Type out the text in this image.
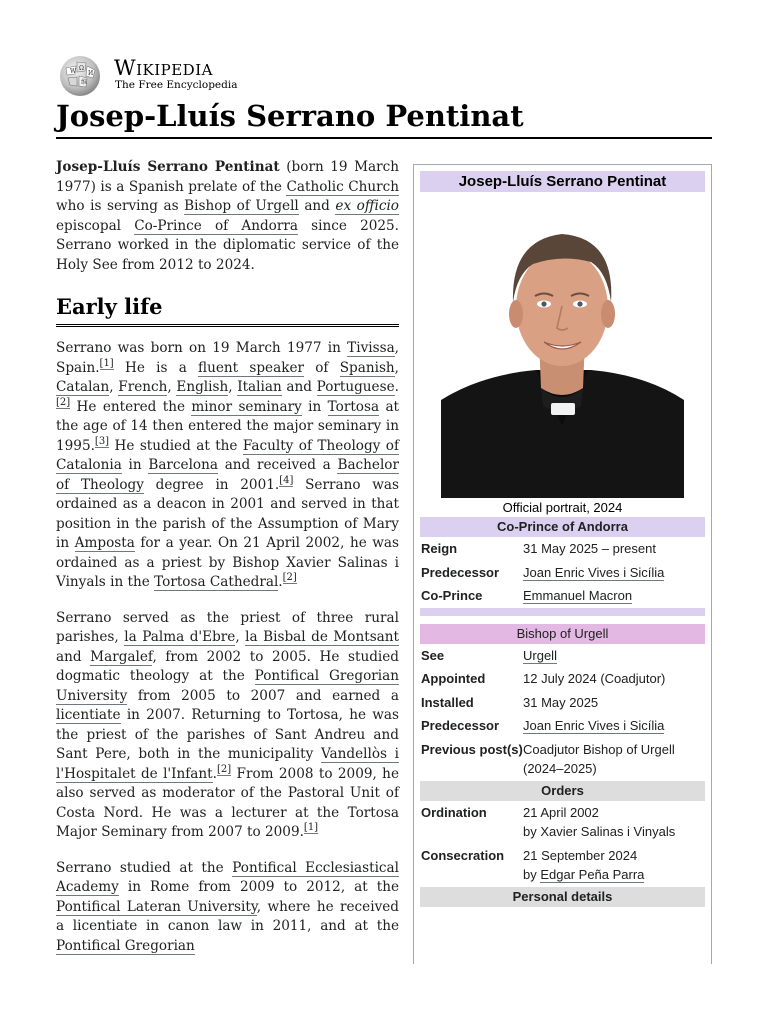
W Ω
И
维
Wikipedia
The Free Encyclopedia
Josep-Lluís Serrano Pentinat

Josep-Lluís Serrano Pentinat (born 19 March 1977) is a Spanish prelate of the Catholic Church who is serving as Bishop of Urgell and ex officio episcopal Co-Prince of Andorra since 2025. Serrano worked in the diplomatic service of the Holy See from 2012 to 2024.

Early life

Serrano was born on 19 March 1977 in Tivissa, Spain.[1] He is a fluent speaker of Spanish, Catalan, French, English, Italian and Portuguese.[2] He entered the minor seminary in Tortosa at the age of 14 then entered the major seminary in 1995.[3] He studied at the Faculty of Theology of Catalonia in Barcelona and received a Bachelor of Theology degree in 2001.[4] Serrano was ordained as a deacon in 2001 and served in that position in the parish of the Assumption of Mary in Amposta for a year. On 21 April 2002, he was ordained as a priest by Bishop Xavier Salinas i Vinyals in the Tortosa Cathedral.[2]

Serrano served as the priest of three rural parishes, la Palma d'Ebre, la Bisbal de Montsant and Margalef, from 2002 to 2005. He studied dogmatic theology at the Pontifical Gregorian University from 2005 to 2007 and earned a licentiate in 2007. Returning to Tortosa, he was the priest of the parishes of Sant Andreu and Sant Pere, both in the municipality Vandellòs i l'Hospitalet de l'Infant.[2] From 2008 to 2009, he also served as moderator of the Pastoral Unit of Costa Nord. He was a lecturer at the Tortosa Major Seminary from 2007 to 2009.[1]

Serrano studied at the Pontifical Ecclesiastical Academy in Rome from 2009 to 2012, at the Pontifical Lateran University, where he received a licentiate in canon law in 2011, and at the Pontifical Gregorian

Josep-Lluís Serrano Pentinat
Official portrait, 2024
Co-Prince of Andorra
Reign	31 May 2025 – present
Predecessor	Joan Enric Vives i Sicília
Co-Prince	Emmanuel Macron
Bishop of Urgell
See	Urgell
Appointed	12 July 2024 (Coadjutor)
Installed	31 May 2025
Predecessor	Joan Enric Vives i Sicília
Previous post(s)	Coadjutor Bishop of Urgell
(2024–2025)
Orders
Ordination	21 April 2002
by Xavier Salinas i Vinyals
Consecration	21 September 2024
by Edgar Peña Parra
Personal details
